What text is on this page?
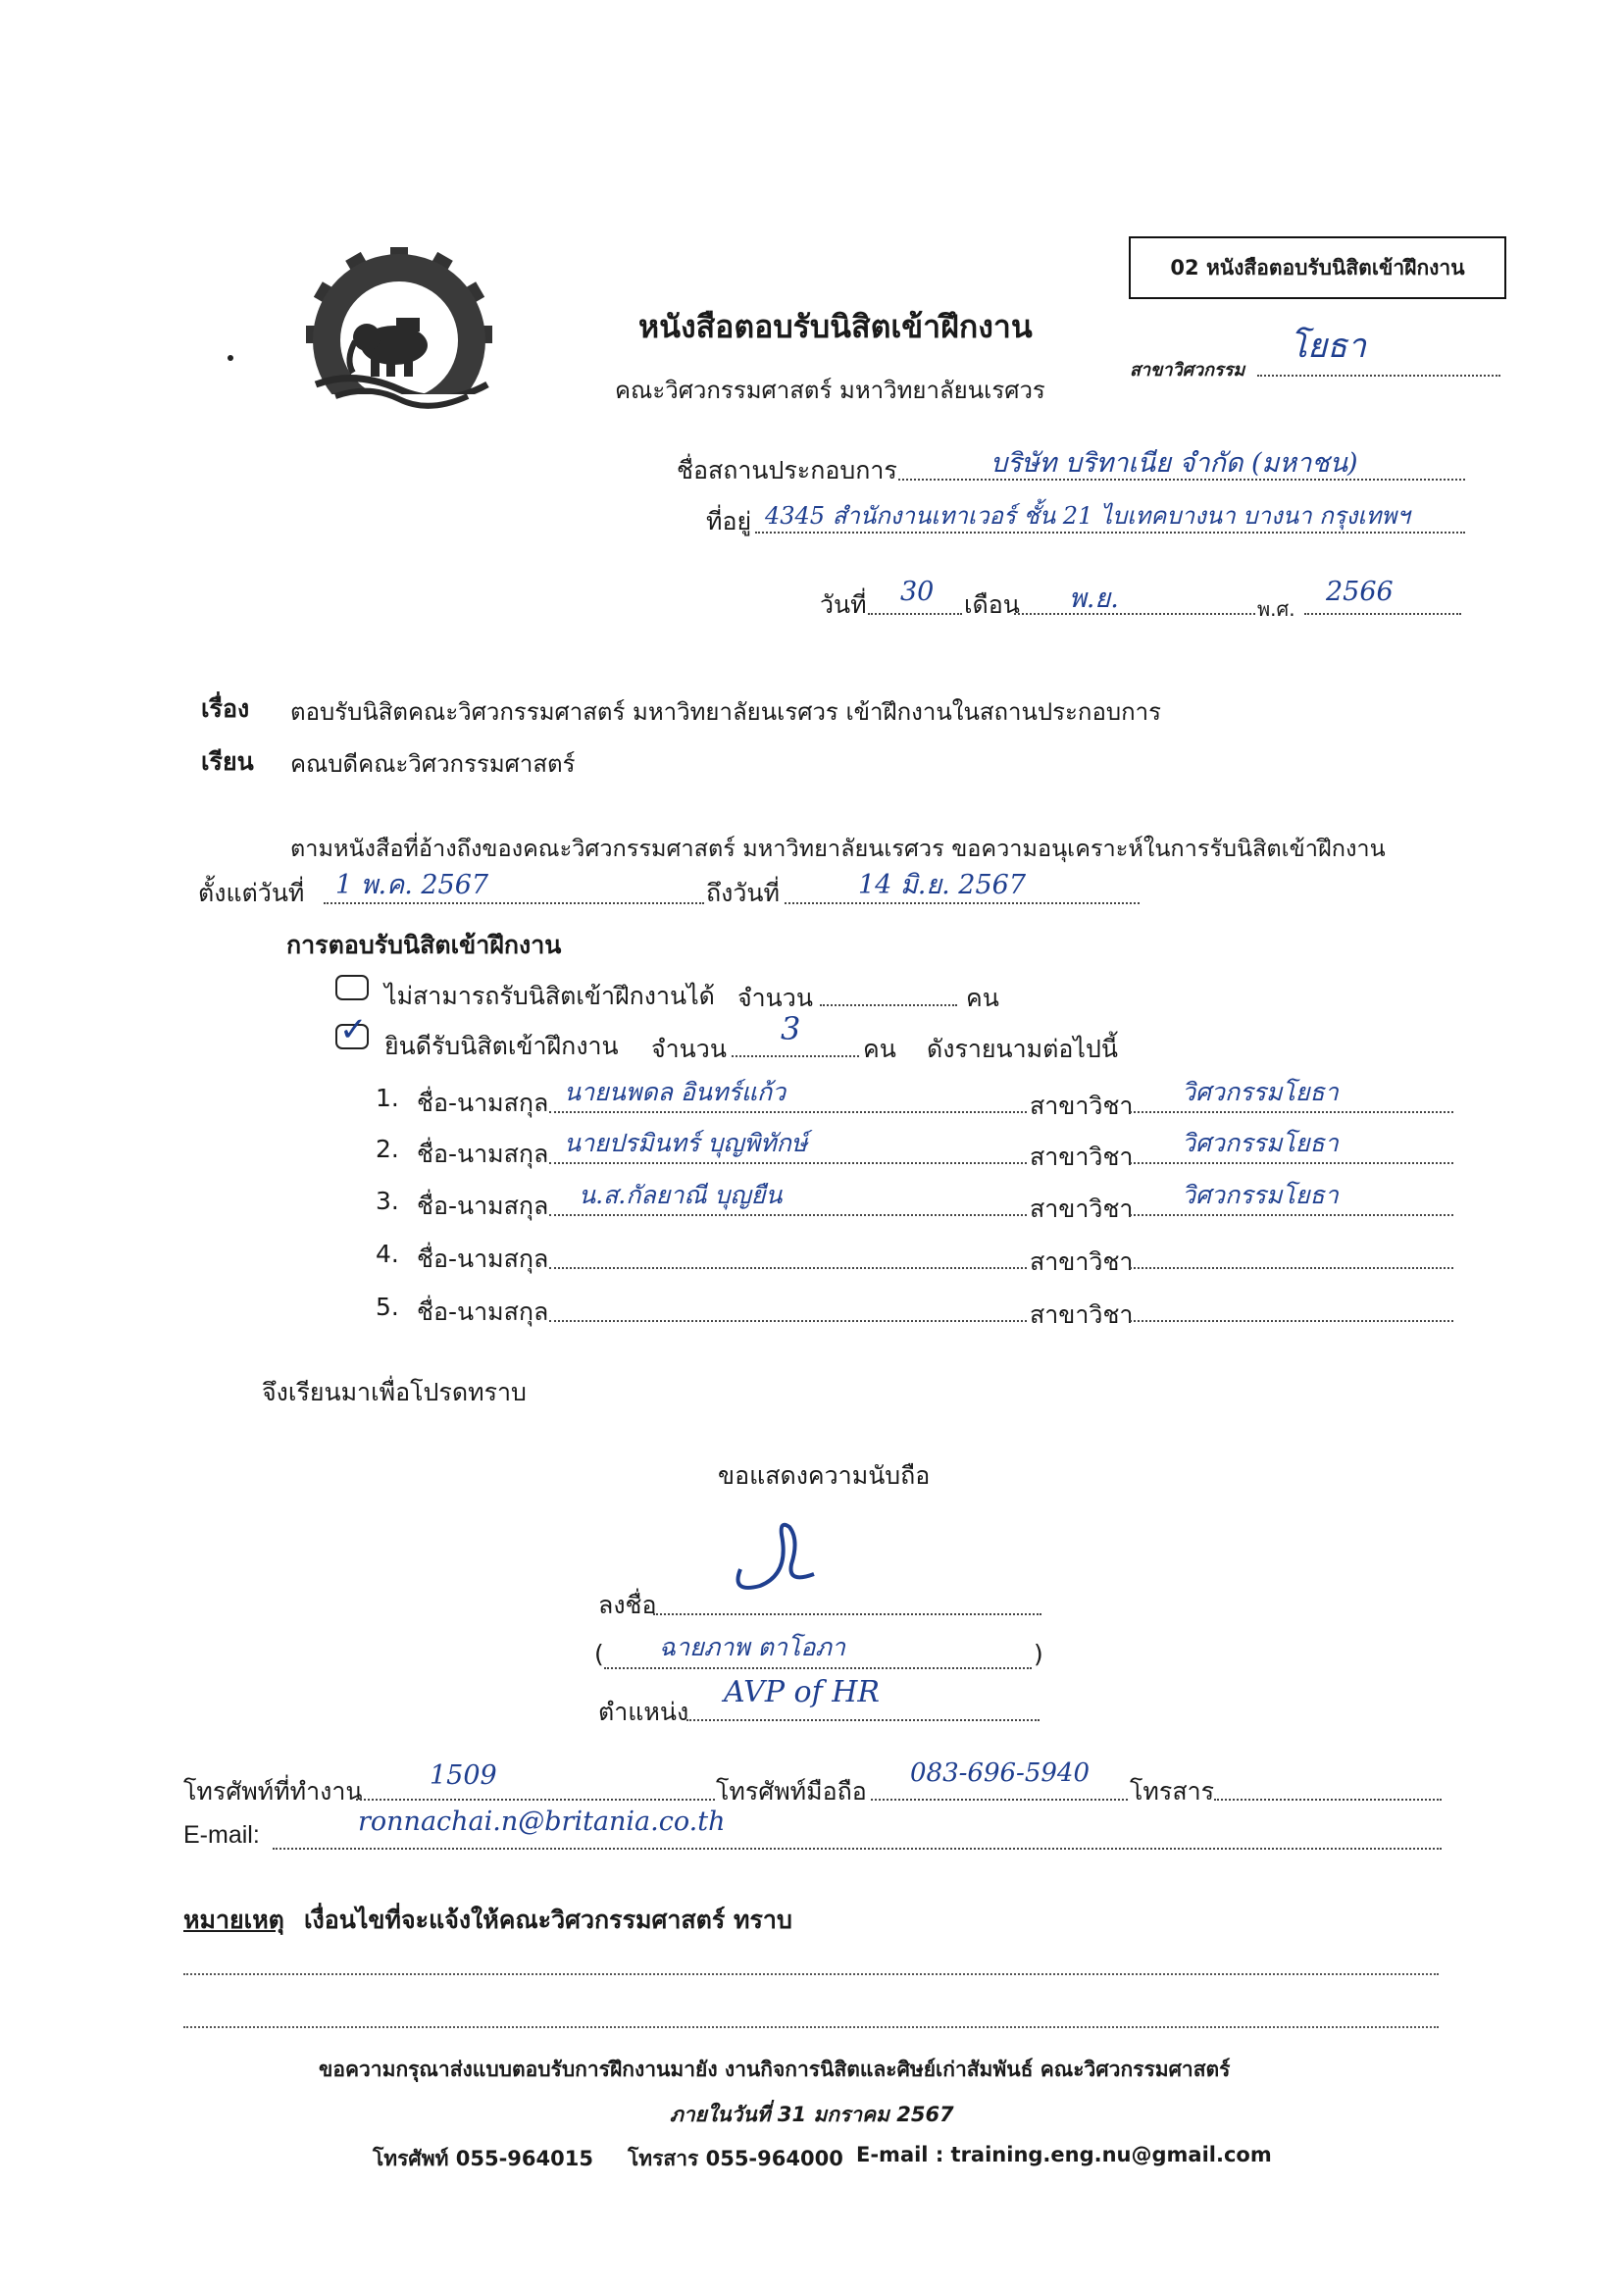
02 หนังสือตอบรับนิสิตเข้าฝึกงาน
หนังสือตอบรับนิสิตเข้าฝึกงาน
คณะวิศวกรรมศาสตร์ มหาวิทยาลัยนเรศวร
สาขาวิศวกรรม
โยธา
ชื่อสถานประกอบการ	บริษัท บริทาเนีย จำกัด (มหาชน)
ที่อยู่ 4345 สำนักงานเทาเวอร์ ชั้น 21 ไบเทคบางนา บางนา กรุงเทพฯ
วันที่ 30 เดือน พ.ย.	พ.ศ.
2566
เรื่อง ตอบรับนิสิตคณะวิศวกรรมศาสตร์ มหาวิทยาลัยนเรศวร เข้าฝึกงานในสถานประกอบการ
เรียน คณบดีคณะวิศวกรรมศาสตร์
ตามหนังสือที่อ้างถึงของคณะวิศวกรรมศาสตร์ มหาวิทยาลัยนเรศวร ขอความอนุเคราะห์ในการรับนิสิตเข้าฝึกงาน
ตั้งแต่วันที่ 1 พ.ค. 2567	ถึงวันที่	14 มิ.ย. 2567
การตอบรับนิสิตเข้าฝึกงาน
ไม่สามารถรับนิสิตเข้าฝึกงานได้ จำนวน	คน
✓ ยินดีรับนิสิตเข้าฝึกงาน จำนวน
3
คน ดังรายนามต่อไปนี้
1. ชื่อ-นามสกุล นายนพดล อินทร์แก้ว	สาขาวิชา วิศวกรรมโยธา
2. ชื่อ-นามสกุล นายปรมินทร์ บุญพิทักษ์	สาขาวิชา วิศวกรรมโยธา
3. ชื่อ-นามสกุล น.ส.กัลยาณี บุญยืน	สาขาวิชา วิศวกรรมโยธา
4. ชื่อ-นามสกุล	สาขาวิชา
5. ชื่อ-นามสกุล	สาขาวิชา
จึงเรียนมาเพื่อโปรดทราบ
ขอแสดงความนับถือ
ลงชื่อ
( ฉายภาพ ตาโอภา	)
ตำแหน่ง
AVP of HR
โทรศัพท์ที่ทำงาน
1509
โทรศัพท์มือถือ
083-696-5940
โทรสาร
E-mail:	ronnachai.n@britania.co.th
หมายเหตุ เงื่อนไขที่จะแจ้งให้คณะวิศวกรรมศาสตร์ ทราบ
ขอความกรุณาส่งแบบตอบรับการฝึกงานมายัง งานกิจการนิสิตและศิษย์เก่าสัมพันธ์ คณะวิศวกรรมศาสตร์
ภายในวันที่ 31 มกราคม 2567
โทรศัพท์ 055-964015 โทรสาร 055-964000 E-mail : training.eng.nu@gmail.com
